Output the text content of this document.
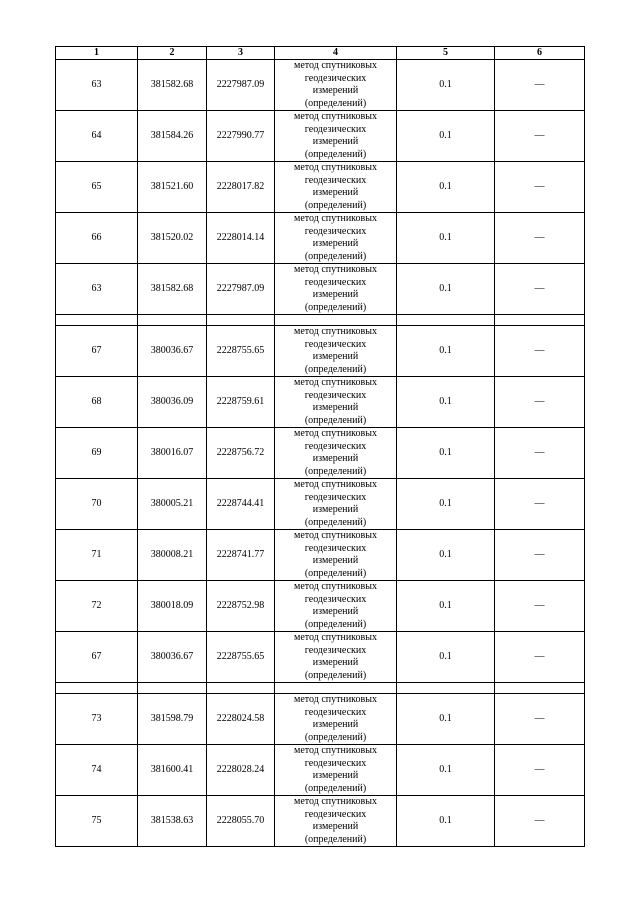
1	2	3	4	5	6
63	381582.68	2227987.09	метод спутниковых
геодезических
измерений
(определений)	0.1	—
64	381584.26	2227990.77	метод спутниковых
геодезических
измерений
(определений)	0.1	—
65	381521.60	2228017.82	метод спутниковых
геодезических
измерений
(определений)	0.1	—
66	381520.02	2228014.14	метод спутниковых
геодезических
измерений
(определений)	0.1	—
63	381582.68	2227987.09	метод спутниковых
геодезических
измерений
(определений)	0.1	—

67	380036.67	2228755.65	метод спутниковых
геодезических
измерений
(определений)	0.1	—
68	380036.09	2228759.61	метод спутниковых
геодезических
измерений
(определений)	0.1	—
69	380016.07	2228756.72	метод спутниковых
геодезических
измерений
(определений)	0.1	—
70	380005.21	2228744.41	метод спутниковых
геодезических
измерений
(определений)	0.1	—
71	380008.21	2228741.77	метод спутниковых
геодезических
измерений
(определений)	0.1	—
72	380018.09	2228752.98	метод спутниковых
геодезических
измерений
(определений)	0.1	—
67	380036.67	2228755.65	метод спутниковых
геодезических
измерений
(определений)	0.1	—

73	381598.79	2228024.58	метод спутниковых
геодезических
измерений
(определений)	0.1	—
74	381600.41	2228028.24	метод спутниковых
геодезических
измерений
(определений)	0.1	—
75	381538.63	2228055.70	метод спутниковых
геодезических
измерений
(определений)	0.1	—
